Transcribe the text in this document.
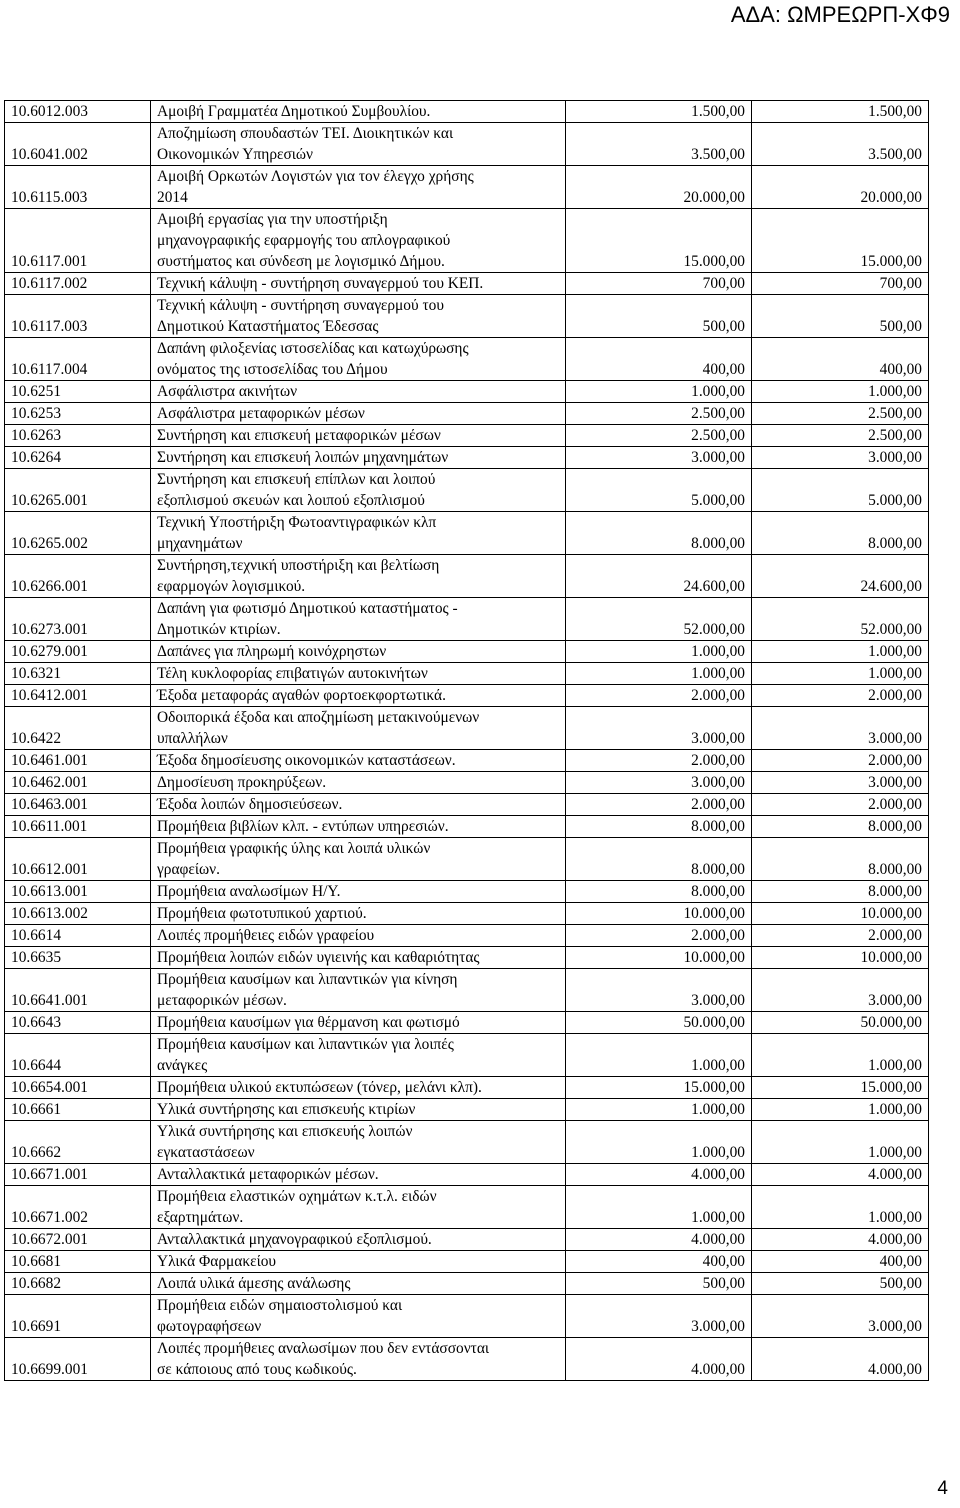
ΑΔΑ: ΩΜΡΕΩΡΠ-ΧΦ9
10.6012.003	Αμοιβή Γραμματέα Δημοτικού Συμβουλίου.	1.500,00	1.500,00
10.6041.002	Αποζημίωση σπουδαστών ΤΕΙ. Διοικητικών και
Οικονομικών Υπηρεσιών	3.500,00	3.500,00
10.6115.003	Αμοιβή Ορκωτών Λογιστών για τον έλεγχο χρήσης
2014	20.000,00	20.000,00
10.6117.001	Αμοιβή εργασίας για την υποστήριξη
μηχανογραφικής εφαρμογής του απλογραφικού
συστήματος και σύνδεση με λογισμικό Δήμου.	15.000,00	15.000,00
10.6117.002	Τεχνική κάλυψη - συντήρηση συναγερμού του ΚΕΠ.	700,00	700,00
10.6117.003	Τεχνική κάλυψη - συντήρηση συναγερμού του
Δημοτικού Καταστήματος Έδεσσας	500,00	500,00
10.6117.004	Δαπάνη φιλοξενίας ιστοσελίδας και κατωχύρωσης
ονόματος της ιστοσελίδας του Δήμου	400,00	400,00
10.6251	Ασφάλιστρα ακινήτων	1.000,00	1.000,00
10.6253	Ασφάλιστρα μεταφορικών μέσων	2.500,00	2.500,00
10.6263	Συντήρηση και επισκευή μεταφορικών μέσων	2.500,00	2.500,00
10.6264	Συντήρηση και επισκευή λοιπών μηχανημάτων	3.000,00	3.000,00
10.6265.001	Συντήρηση και επισκευή επίπλων και λοιπού
εξοπλισμού σκευών και λοιπού εξοπλισμού	5.000,00	5.000,00
10.6265.002	Τεχνική Υποστήριξη Φωτοαντιγραφικών κλπ
μηχανημάτων	8.000,00	8.000,00
10.6266.001	Συντήρηση,τεχνική υποστήριξη και βελτίωση
εφαρμογών λογισμικού.	24.600,00	24.600,00
10.6273.001	Δαπάνη για φωτισμό Δημοτικού καταστήματος -
Δημοτικών κτιρίων.	52.000,00	52.000,00
10.6279.001	Δαπάνες για πληρωμή κοινόχρηστων	1.000,00	1.000,00
10.6321	Τέλη κυκλοφορίας επιβατιγών αυτοκινήτων	1.000,00	1.000,00
10.6412.001	Έξοδα μεταφοράς αγαθών φορτοεκφορτωτικά.	2.000,00	2.000,00
10.6422	Οδοιπορικά έξοδα και αποζημίωση μετακινούμενων
υπαλλήλων	3.000,00	3.000,00
10.6461.001	Έξοδα δημοσίευσης οικονομικών καταστάσεων.	2.000,00	2.000,00
10.6462.001	Δημοσίευση προκηρύξεων.	3.000,00	3.000,00
10.6463.001	Έξοδα λοιπών δημοσιεύσεων.	2.000,00	2.000,00
10.6611.001	Προμήθεια βιβλίων κλπ. - εντύπων υπηρεσιών.	8.000,00	8.000,00
10.6612.001	Προμήθεια γραφικής ύλης και λοιπά υλικών
γραφείων.	8.000,00	8.000,00
10.6613.001	Προμήθεια αναλωσίμων Η/Υ.	8.000,00	8.000,00
10.6613.002	Προμήθεια φωτοτυπικού χαρτιού.	10.000,00	10.000,00
10.6614	Λοιπές προμήθειες ειδών γραφείου	2.000,00	2.000,00
10.6635	Προμήθεια λοιπών ειδών υγιεινής και καθαριότητας	10.000,00	10.000,00
10.6641.001	Προμήθεια καυσίμων και λιπαντικών για κίνηση
μεταφορικών μέσων.	3.000,00	3.000,00
10.6643	Προμήθεια καυσίμων για θέρμανση και φωτισμό	50.000,00	50.000,00
10.6644	Προμήθεια καυσίμων και λιπαντικών για λοιπές
ανάγκες	1.000,00	1.000,00
10.6654.001	Προμήθεια υλικού εκτυπώσεων (τόνερ, μελάνι κλπ).	15.000,00	15.000,00
10.6661	Υλικά συντήρησης και επισκευής κτιρίων	1.000,00	1.000,00
10.6662	Υλικά συντήρησης και επισκευής λοιπών
εγκαταστάσεων	1.000,00	1.000,00
10.6671.001	Ανταλλακτικά μεταφορικών μέσων.	4.000,00	4.000,00
10.6671.002	Προμήθεια ελαστικών οχημάτων κ.τ.λ. ειδών
εξαρτημάτων.	1.000,00	1.000,00
10.6672.001	Ανταλλακτικά μηχανογραφικού εξοπλισμού.	4.000,00	4.000,00
10.6681	Υλικά Φαρμακείου	400,00	400,00
10.6682	Λοιπά υλικά άμεσης ανάλωσης	500,00	500,00
10.6691	Προμήθεια ειδών σημαιοστολισμού και
φωτογραφήσεων	3.000,00	3.000,00
10.6699.001	Λοιπές προμήθειες αναλωσίμων που δεν εντάσσονται
σε κάποιους από τους κωδικούς.	4.000,00	4.000,00
4
